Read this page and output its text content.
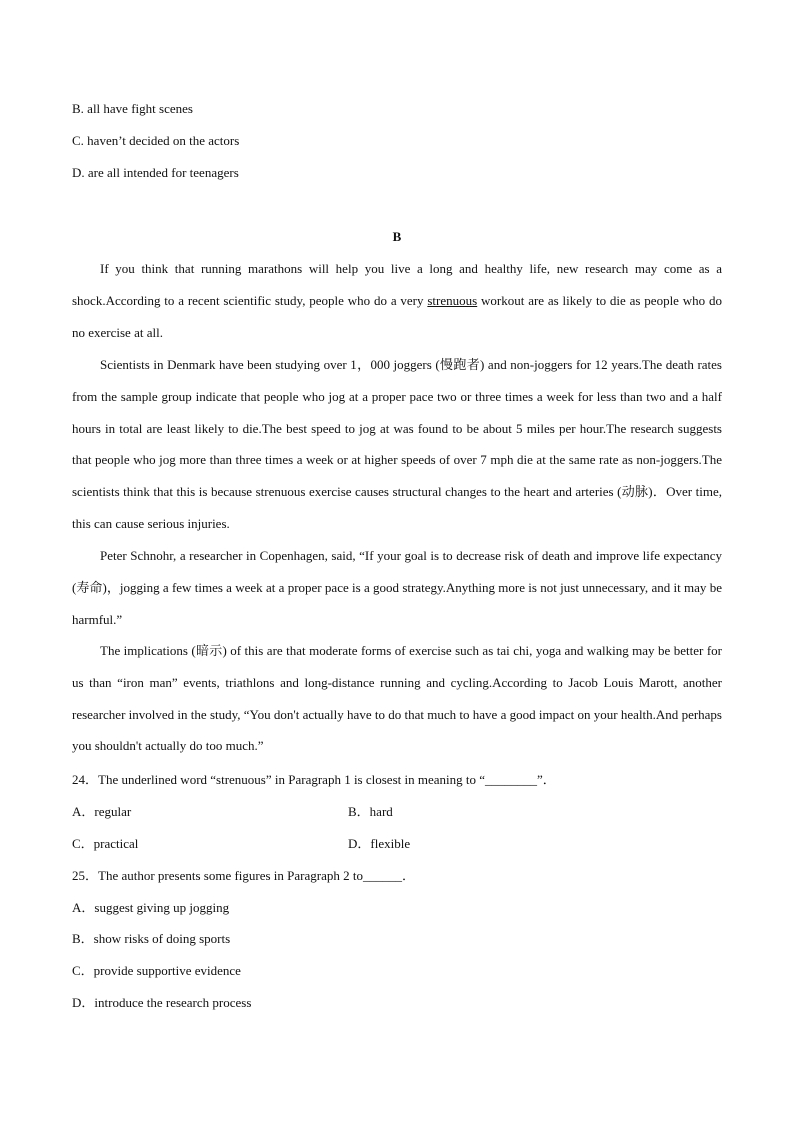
B. all have fight scenes
C. haven’t decided on the actors
D. are all intended for teenagers
B
If you think that running marathons will help you live a long and healthy life, new research may come as a shock.According to a recent scientific study, people who do a very strenuous workout are as likely to die as people who do no exercise at all.
Scientists in Denmark have been studying over 1，000 joggers (慢跑者) and non-joggers for 12 years.The death rates from the sample group indicate that people who jog at a proper pace two or three times a week for less than two and a half hours in total are least likely to die.The best speed to jog at was found to be about 5 miles per hour.The research suggests that people who jog more than three times a week or at higher speeds of over 7 mph die at the same rate as non-joggers.The scientists think that this is because strenuous exercise causes structural changes to the heart and arteries (动脉)．Over time, this can cause serious injuries.
Peter Schnohr, a researcher in Copenhagen, said, “If your goal is to decrease risk of death and improve life expectancy (寿命)，jogging a few times a week at a proper pace is a good strategy.Anything more is not just unnecessary, and it may be harmful.”
The implications (暗示) of this are that moderate forms of exercise such as tai chi, yoga and walking may be better for us than “iron man” events, triathlons and long-distance running and cycling.According to Jacob Louis Marott, another researcher involved in the study, “You don't actually have to do that much to have a good impact on your health.And perhaps you shouldn't actually do too much.”
24．The underlined word “strenuous” in Paragraph 1 is closest in meaning to “________”．
A．regular	B．hard
C．practical	D．flexible
25．The author presents some figures in Paragraph 2 to______．
A．suggest giving up jogging
B．show risks of doing sports
C．provide supportive evidence
D．introduce the research process
